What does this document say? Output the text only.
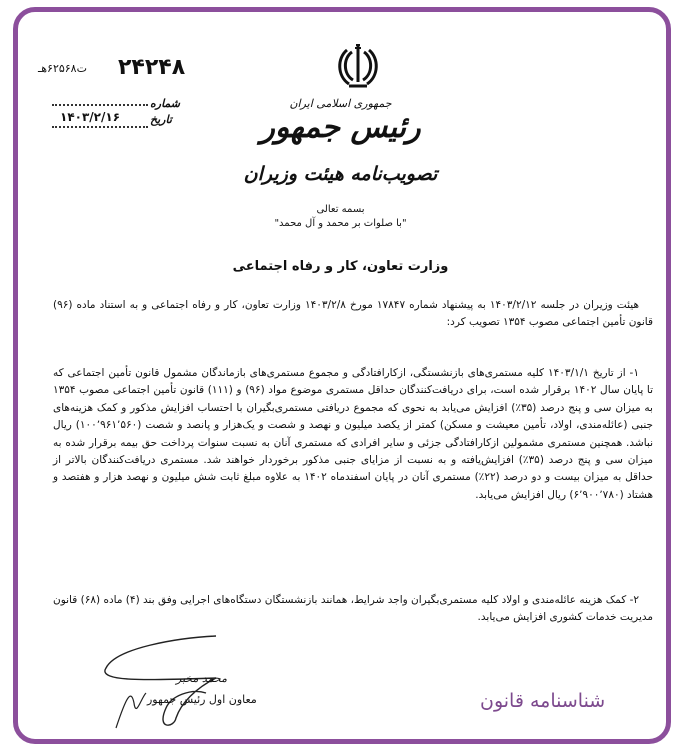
جمهوری اسلامی ایران
رئیس جمهور
تصویب‌نامه هیئت وزیران
بسمه تعالی
"با صلوات بر محمد و آل محمد"
۲۴۲۴۸
ت۶۲۵۶۸هـ
شماره
تاریخ
۱۴۰۳/۲/۱۶
وزارت تعاون، کار و رفاه اجتماعی

هیئت وزیران در جلسه ۱۴۰۳/۲/۱۲ به پیشنهاد شماره ۱۷۸۴۷ مورخ ۱۴۰۳/۲/۸ وزارت تعاون، کار و رفاه اجتماعی و به استناد ماده (۹۶) قانون تأمین اجتماعی مصوب ۱۳۵۴ تصویب کرد:

۱- از تاریخ ۱۴۰۳/۱/۱ کلیه مستمری‌های بازنشستگی، ازکارافتادگی و مجموع مستمری‌های بازماندگان مشمول قانون تأمین اجتماعی که تا پایان سال ۱۴۰۲ برقرار شده است، برای دریافت‌کنندگان حداقل مستمری موضوع مواد (۹۶) و (۱۱۱) قانون تأمین اجتماعی مصوب ۱۳۵۴ به میزان سی و پنج درصد (۳۵٪) افزایش می‌یابد به نحوی که مجموع دریافتی مستمری‌بگیران با احتساب افزایش مذکور و کمک هزینه‌های جنبی (عائله‌مندی، اولاد، تأمین معیشت و مسکن) کمتر از یکصد میلیون و نهصد و شصت و یک‌هزار و پانصد و شصت (۱۰۰٬۹۶۱٬۵۶۰) ریال نباشد. همچنین مستمری مشمولین ازکارافتادگی جزئی و سایر افرادی که مستمری آنان به نسبت سنوات پرداخت حق بیمه برقرار شده به میزان سی و پنج درصد (۳۵٪) افزایش‌یافته و به نسبت از مزایای جنبی مذکور برخوردار خواهند شد. مستمری دریافت‌کنندگان بالاتر از حداقل به میزان بیست و دو درصد (۲۲٪) مستمری آنان در پایان اسفندماه ۱۴۰۲ به علاوه مبلغ ثابت شش میلیون و نهصد هزار و هفتصد و هشتاد (۶٬۹۰۰٬۷۸۰) ریال افزایش می‌یابد.

۲- کمک هزینه عائله‌مندی و اولاد کلیه مستمری‌بگیران واجد شرایط، همانند بازنشستگان دستگاه‌های اجرایی وفق بند (۴) ماده (۶۸) قانون مدیریت خدمات کشوری افزایش می‌یابد.

محمد مخبر
معاون اول رئیس جمهور	شناسنامه قانون
